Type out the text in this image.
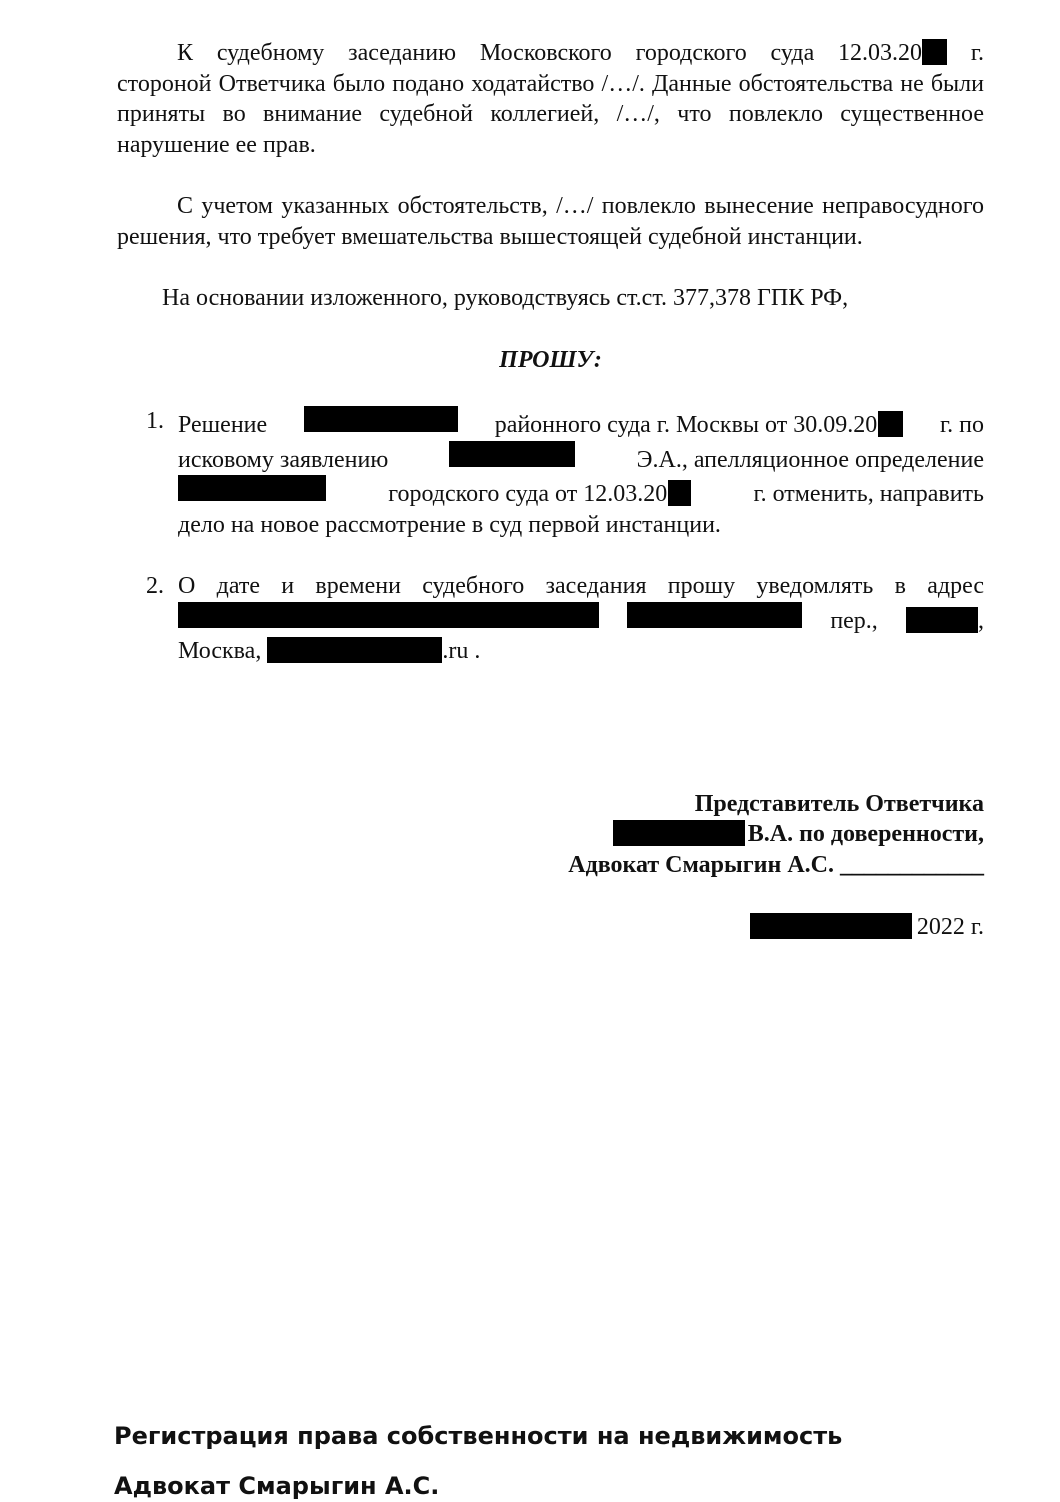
К судебному заседанию Московского городского суда 12.03.20 г.

стороной Ответчика было подано ходатайство /…/. Данные обстоятельства не были приняты во внимание судебной коллегией, /…/, что повлекло существенное нарушение ее прав.

С учетом указанных обстоятельств, /…/ повлекло вынесение неправосудного решения, что требует вмешательства вышестоящей судебной инстанции.

На основании изложенного, руководствуясь ст.ст. 377,378 ГПК РФ,

ПРОШУ:

1. Решение	районного суда г. Москвы от 30.09.20	г. по
исковому заявлению	Э.А., апелляционное определение
городского суда от 12.03.20	г. отменить, направить
дело на новое рассмотрение в суд первой инстанции.
2. О дате и времени судебного заседания прошу уведомлять в адрес
пер.,	,
Москва,	.ru .
Представитель Ответчика
В.А. по доверенности,
Адвокат Смарыгин А.С. ____________
2022 г.
Регистрация права собственности на недвижимость
Адвокат Смарыгин А.С.
